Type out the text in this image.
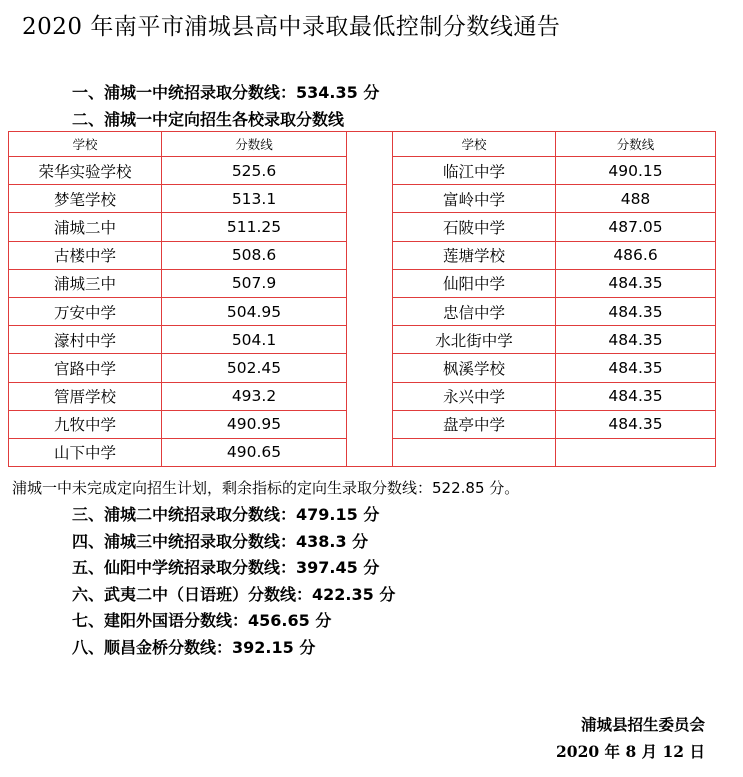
2020 年南平市浦城县高中录取最低控制分数线通告
一、浦城一中统招录取分数线：534.35 分
二、浦城一中定向招生各校录取分数线
学校	分数线		学校	分数线
荣华实验学校	525.6		临江中学	490.15
梦笔学校	513.1		富岭中学	488
浦城二中	511.25		石陂中学	487.05
古楼中学	508.6		莲塘学校	486.6
浦城三中	507.9		仙阳中学	484.35
万安中学	504.95		忠信中学	484.35
濠村中学	504.1		水北街中学	484.35
官路中学	502.45		枫溪学校	484.35
管厝学校	493.2		永兴中学	484.35
九牧中学	490.95		盘亭中学	484.35
山下中学	490.65			
浦城一中未完成定向招生计划，剩余指标的定向生录取分数线：522.85 分。
三、浦城二中统招录取分数线：479.15 分
四、浦城三中统招录取分数线：438.3 分
五、仙阳中学统招录取分数线：397.45 分
六、武夷二中（日语班）分数线：422.35 分
七、建阳外国语分数线：456.65 分
八、顺昌金桥分数线：392.15 分
浦城县招生委员会
2020 年 8 月 12 日
